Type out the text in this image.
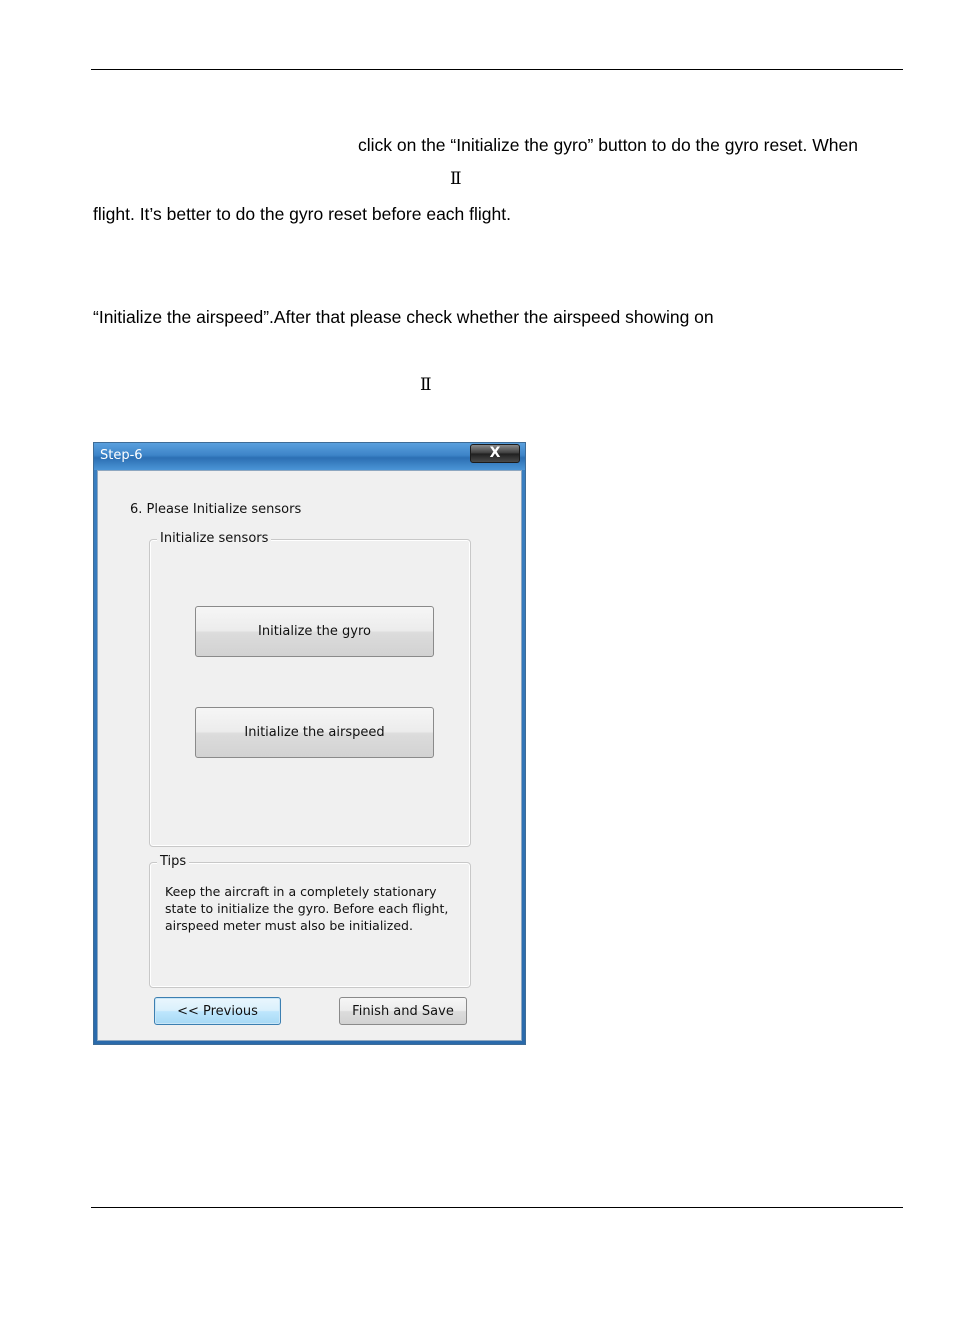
click on the “Initialize the gyro” button to do the gyro reset. When
Ⅱ
flight. It’s better to do the gyro reset before each flight.
“Initialize the airspeed”.After that please check whether the airspeed showing on
Ⅱ
Step-6	X
6. Please Initialize sensors
Initialize sensors
Initialize the gyro
Initialize the airspeed
Tips
Keep the aircraft in a completely stationary state to initialize the gyro. Before each flight, airspeed meter must also be initialized.
<< Previous	Finish and Save
